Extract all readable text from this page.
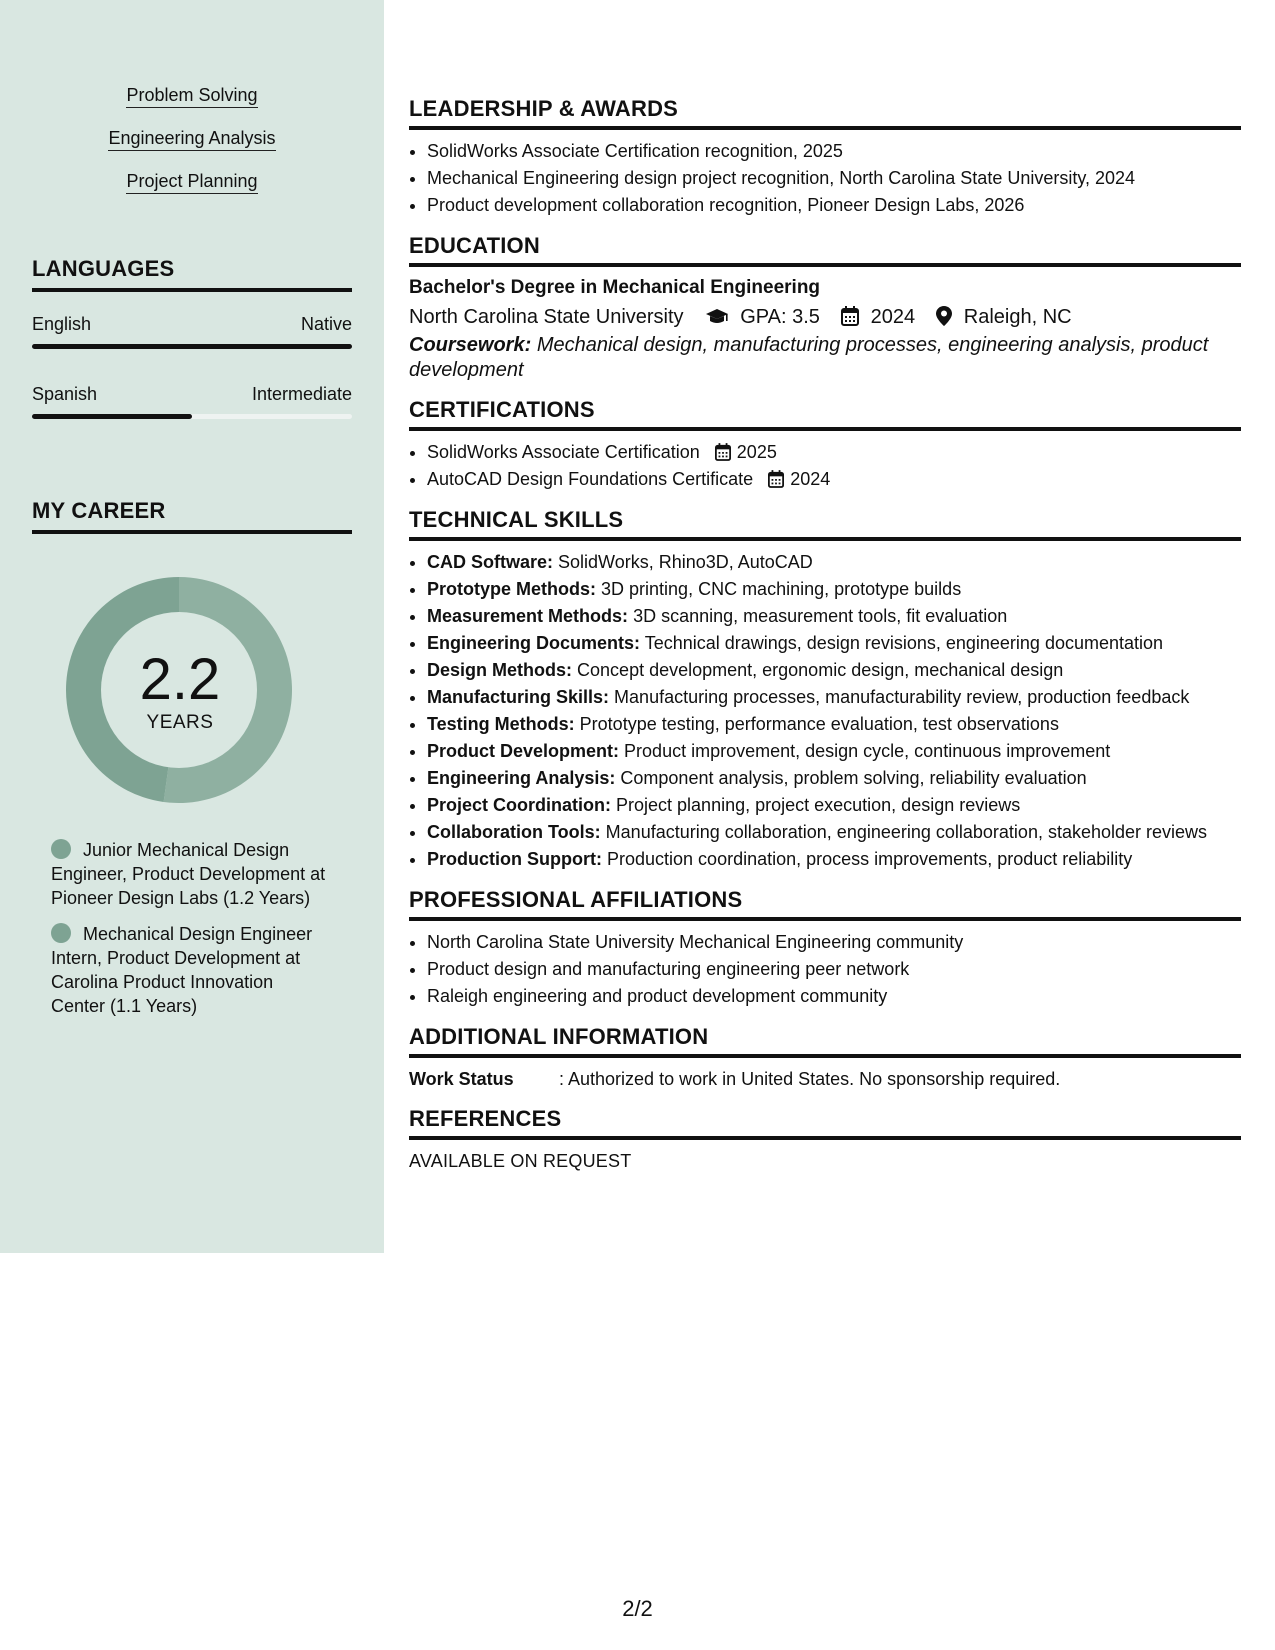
Problem Solving
Engineering Analysis
Project Planning
LANGUAGES
English	Native
Spanish	Intermediate
MY CAREER
2.2
YEARS
Junior Mechanical Design Engineer, Product Development at Pioneer Design Labs (1.2 Years)
Mechanical Design Engineer Intern, Product Development at Carolina Product Innovation Center (1.1 Years)
LEADERSHIP & AWARDS
• SolidWorks Associate Certification recognition, 2025
• Mechanical Engineering design project recognition, North Carolina State University, 2024
• Product development collaboration recognition, Pioneer Design Labs, 2026
EDUCATION
Bachelor's Degree in Mechanical Engineering
North Carolina State University	GPA: 3.5	2024 Raleigh, NC
Coursework: Mechanical design, manufacturing processes, engineering analysis, product development
CERTIFICATIONS
• SolidWorks Associate Certification 2025
• AutoCAD Design Foundations Certificate 2024
TECHNICAL SKILLS
• CAD Software: SolidWorks, Rhino3D, AutoCAD
• Prototype Methods: 3D printing, CNC machining, prototype builds
• Measurement Methods: 3D scanning, measurement tools, fit evaluation
• Engineering Documents: Technical drawings, design revisions, engineering documentation
• Design Methods: Concept development, ergonomic design, mechanical design
• Manufacturing Skills: Manufacturing processes, manufacturability review, production feedback
• Testing Methods: Prototype testing, performance evaluation, test observations
• Product Development: Product improvement, design cycle, continuous improvement
• Engineering Analysis: Component analysis, problem solving, reliability evaluation
• Project Coordination: Project planning, project execution, design reviews
• Collaboration Tools: Manufacturing collaboration, engineering collaboration, stakeholder reviews
• Production Support: Production coordination, process improvements, product reliability
PROFESSIONAL AFFILIATIONS
• North Carolina State University Mechanical Engineering community
• Product design and manufacturing engineering peer network
• Raleigh engineering and product development community
ADDITIONAL INFORMATION
Work Status	: Authorized to work in United States. No sponsorship required.
REFERENCES
AVAILABLE ON REQUEST
2/2
